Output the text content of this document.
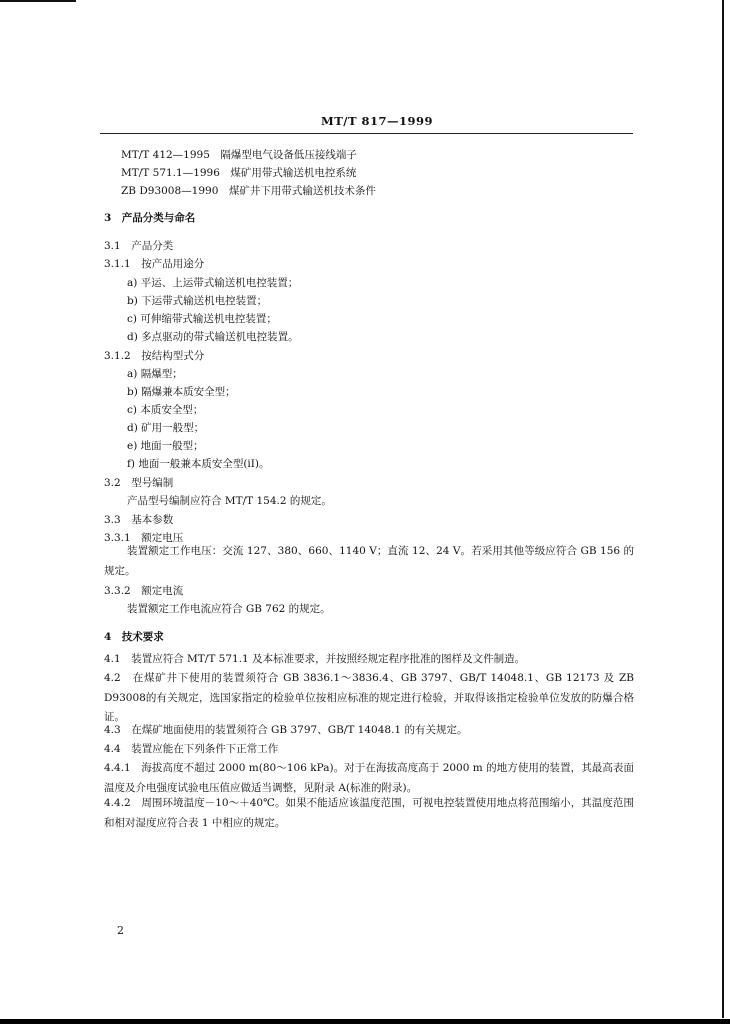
MT/T 817—1999
MT/T 412—1995　隔爆型电气设备低压接线端子
MT/T 571.1—1996　煤矿用带式输送机电控系统
ZB D93008—1990　煤矿井下用带式输送机技术条件
3　产品分类与命名
3.1　产品分类
3.1.1　按产品用途分
a) 平运、上运带式输送机电控装置；
b) 下运带式输送机电控装置；
c) 可伸缩带式输送机电控装置；
d) 多点驱动的带式输送机电控装置。
3.1.2　按结构型式分
a) 隔爆型；
b) 隔爆兼本质安全型；
c) 本质安全型；
d) 矿用一般型；
e) 地面一般型；
f) 地面一般兼本质安全型(iⅠ)。
3.2　型号编制
产品型号编制应符合 MT/T 154.2 的规定。
3.3　基本参数
3.3.1　额定电压
装置额定工作电压：交流 127、380、660、1140 V；直流 12、24 V。若采用其他等级应符合 GB 156 的规定。
3.3.2　额定电流
装置额定工作电流应符合 GB 762 的规定。
4　技术要求
4.1　装置应符合 MT/T 571.1 及本标准要求，并按照经规定程序批准的图样及文件制造。
4.2　在煤矿井下使用的装置须符合 GB 3836.1～3836.4、GB 3797、GB/T 14048.1、GB 12173 及 ZB D93008的有关规定，选国家指定的检验单位按相应标准的规定进行检验，并取得该指定检验单位发放的防爆合格证。
4.3　在煤矿地面使用的装置须符合 GB 3797、GB/T 14048.1 的有关规定。
4.4　装置应能在下列条件下正常工作
4.4.1　海拔高度不超过 2000 m(80～106 kPa)。对于在海拔高度高于 2000 m 的地方使用的装置，其最高表面温度及介电强度试验电压值应做适当调整，见附录 A(标准的附录)。
4.4.2　周围环境温度－10～＋40℃。如果不能适应该温度范围，可视电控装置使用地点将范围缩小，其温度范围和相对湿度应符合表 1 中相应的规定。
2
